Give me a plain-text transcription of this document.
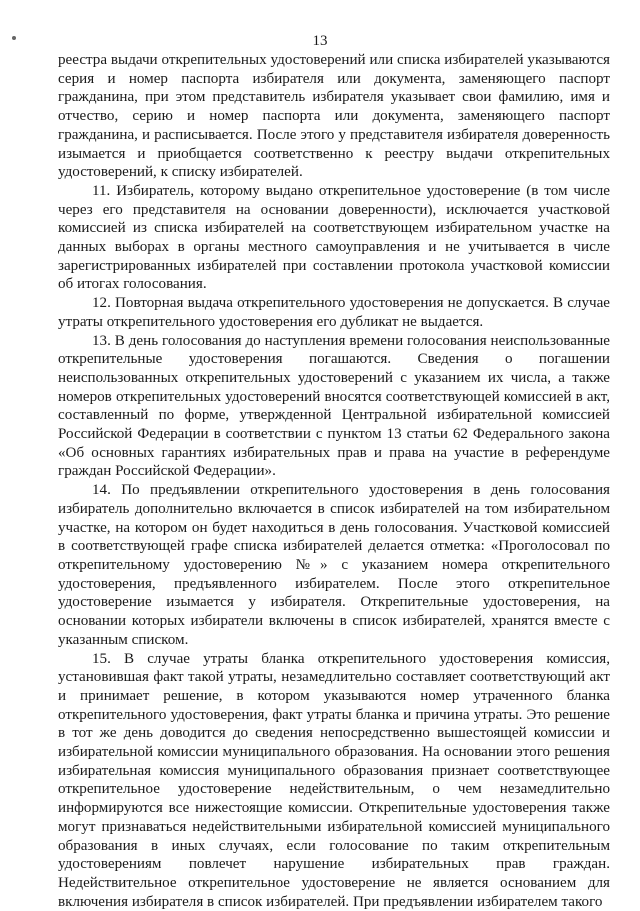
13

реестра выдачи открепительных удостоверений или списка избирателей указываются серия и номер паспорта избирателя или документа, заменяющего паспорт гражданина, при этом представитель избирателя указывает свои фамилию, имя и отчество, серию и номер паспорта или документа, заменяющего паспорт гражданина, и расписывается. После этого у представителя избирателя доверенность изымается и приобщается соответственно к реестру выдачи открепительных удостоверений, к списку избирателей.

11. Избиратель, которому выдано открепительное удостоверение (в том числе через его представителя на основании доверенности), исключается участковой комиссией из списка избирателей на соответствующем избирательном участке на данных выборах в органы местного самоуправления и не учитывается в числе зарегистрированных избирателей при составлении протокола участковой комиссии об итогах голосования.

12. Повторная выдача открепительного удостоверения не допускается. В случае утраты открепительного удостоверения его дубликат не выдается.

13. В день голосования до наступления времени голосования неиспользованные открепительные удостоверения погашаются. Сведения о погашении неиспользованных открепительных удостоверений с указанием их числа, а также номеров открепительных удостоверений вносятся соответствующей комиссией в акт, составленный по форме, утвержденной Центральной избирательной комиссией Российской Федерации в соответствии с пунктом 13 статьи 62 Федерального закона «Об основных гарантиях избирательных прав и права на участие в референдуме граждан Российской Федерации».

14. По предъявлении открепительного удостоверения в день голосования избиратель дополнительно включается в список избирателей на том избирательном участке, на котором он будет находиться в день голосования. Участковой комиссией в соответствующей графе списка избирателей делается отметка: «Проголосовал по открепительному удостоверению №» с указанием номера открепительного удостоверения, предъявленного избирателем. После этого открепительное удостоверение изымается у избирателя. Открепительные удостоверения, на основании которых избиратели включены в список избирателей, хранятся вместе с указанным списком.

15. В случае утраты бланка открепительного удостоверения комиссия, установившая факт такой утраты, незамедлительно составляет соответствующий акт и принимает решение, в котором указываются номер утраченного бланка открепительного удостоверения, факт утраты бланка и причина утраты. Это решение в тот же день доводится до сведения непосредственно вышестоящей комиссии и избирательной комиссии муниципального образования. На основании этого решения избирательная комиссия муниципального образования признает соответствующее открепительное удостоверение недействительным, о чем незамедлительно информируются все нижестоящие комиссии. Открепительные удостоверения также могут признаваться недействительными избирательной комиссией муниципального образования в иных случаях, если голосование по таким открепительным удостоверениям повлечет нарушение избирательных прав граждан. Недействительное открепительное удостоверение не является основанием для включения избирателя в список избирателей. При предъявлении избирателем такого
